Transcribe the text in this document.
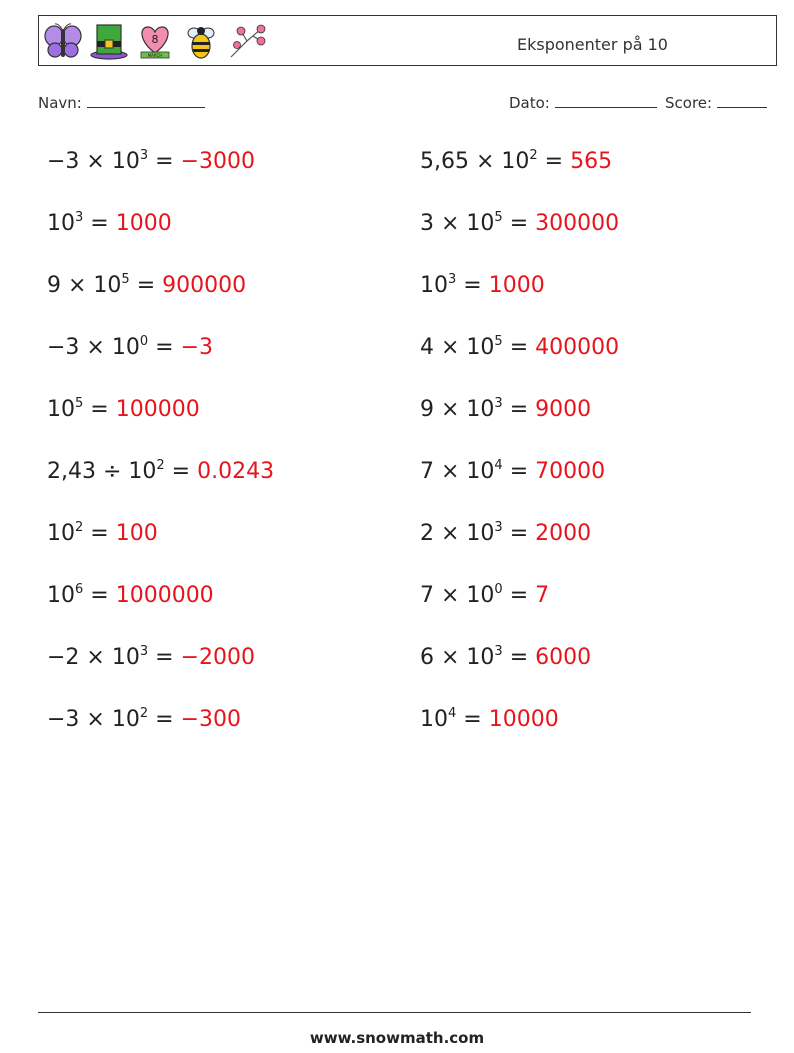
8
MARCH
Eksponenter på 10
Navn:	Dato:	Score:
$-3 \times 10^3 = -3000$
$10^3 = 1000$
$9 \times 10^5 = 900000$
$-3 \times 10^0 = -3$
$10^5 = 100000$
$2,43 \div 10^2 = 0.0243$
$10^2 = 100$
$10^6 = 1000000$
$-2 \times 10^3 = -2000$
$-3 \times 10^2 = -300$
$5,65 \times 10^2 = 565$
$3 \times 10^5 = 300000$
$10^3 = 1000$
$4 \times 10^5 = 400000$
$9 \times 10^3 = 9000$
$7 \times 10^4 = 70000$
$2 \times 10^3 = 2000$
$7 \times 10^0 = 7$
$6 \times 10^3 = 6000$
$10^4 = 10000$
www.snowmath.com
